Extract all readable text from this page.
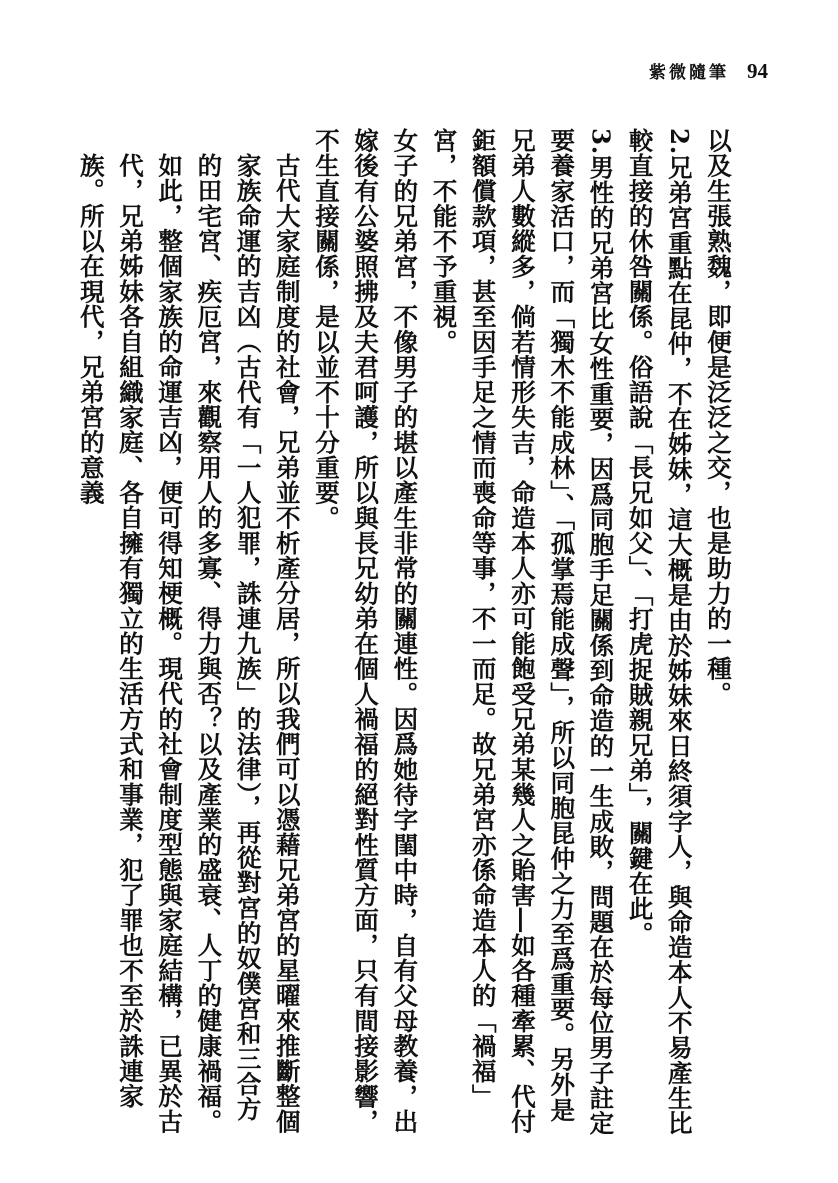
紫微隨筆 94

以及生張熟魏，即便是泛泛之交，也是助力的一種。

2.兄弟宮重點在昆仲，不在姊妹，這大概是由於姊妹來日終須字人，與命造本人不易產生比較直接的休咎關係。俗語說「長兄如父」、「打虎捉賊親兄弟」，關鍵在此。

3.男性的兄弟宮比女性重要，因爲同胞手足關係到命造的一生成敗，問題在於每位男子註定要養家活口，而「獨木不能成林」、「孤掌焉能成聲」，所以同胞昆仲之力至爲重要。另外是兄弟人數縱多，倘若情形失吉，命造本人亦可能飽受兄弟某幾人之貽害―如各種牽累、代付鉅額償款項，甚至因手足之情而喪命等事，不一而足。故兄弟宮亦係命造本人的「禍福」宮，不能不予重視。

女子的兄弟宮，不像男子的堪以產生非常的關連性。因爲她待字閨中時，自有父母教養，出嫁後有公婆照拂及夫君呵護，所以與長兄幼弟在個人禍福的絕對性質方面，只有間接影響，不生直接關係，是以並不十分重要。

古代大家庭制度的社會，兄弟並不析產分居，所以我們可以憑藉兄弟宮的星曜來推斷整個家族命運的吉凶（古代有「一人犯罪，誅連九族」的法律），再從對宮的奴僕宮和三合方的田宅宮、疾厄宮，來觀察用人的多寡、得力與否？以及產業的盛衰、人丁的健康禍福。如此，整個家族的命運吉凶，便可得知梗概。現代的社會制度型態與家庭結構，已異於古代，兄弟姊妹各自組織家庭、各自擁有獨立的生活方式和事業，犯了罪也不至於誅連家族。所以在現代，兄弟宮的意義
